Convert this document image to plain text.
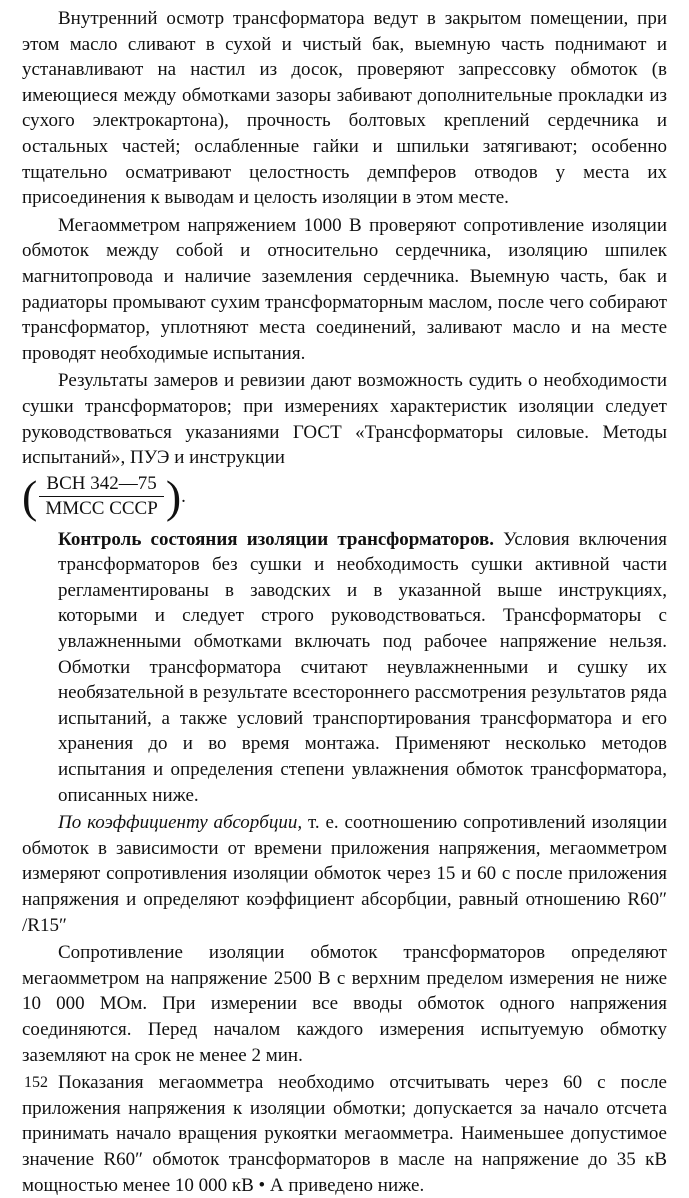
Внутренний осмотр трансформатора ведут в закрытом помещении, при этом масло сливают в сухой и чистый бак, выемную часть поднимают и устанавливают на настил из досок, проверяют запрессовку обмоток (в имеющиеся между обмотками зазоры забивают дополнительные прокладки из сухого электрокартона), прочность болтовых креплений сердечника и остальных частей; ослабленные гайки и шпильки затягивают; особенно тщательно осматривают целостность демпферов отводов у места их присоединения к выводам и целость изоляции в этом месте.

Мегаомметром напряжением 1000 В проверяют сопротивление изоляции обмоток между собой и относительно сердечника, изоляцию шпилек магнитопровода и наличие заземления сердечника. Выемную часть, бак и радиаторы промывают сухим трансформаторным маслом, после чего собирают трансформатор, уплотняют места соединений, заливают масло и на месте проводят необходимые испытания.

Результаты замеров и ревизии дают возможность судить о необходимости сушки трансформаторов; при измерениях характеристик изоляции следует руководствоваться указаниями ГОСТ «Трансформаторы силовые. Методы испытаний», ПУЭ и инструкции

( $\frac{\text{ВСН 342—75}}{\text{ММСС СССР}}$ ) .

Контроль состояния изоляции трансформаторов. Условия включения трансформаторов без сушки и необходимость сушки активной части регламентированы в заводских и в указанной выше инструкциях, которыми и следует строго руководствоваться. Трансформаторы с увлажненными обмотками включать под рабочее напряжение нельзя. Обмотки трансформатора считают неувлажненными и сушку их необязательной в результате всестороннего рассмотрения результатов ряда испытаний, а также условий транспортирования трансформатора и его хранения до и во время монтажа. Применяют несколько методов испытания и определения степени увлажнения обмоток трансформатора, описанных ниже.

По коэффициенту абсорбции, т. е. соотношению сопротивлений изоляции обмоток в зависимости от времени приложения напряжения, мегаомметром измеряют сопротивления изоляции обмоток через 15 и 60 с после приложения напряжения и определяют коэффициент абсорбции, равный отношению R60″ /R15″

Сопротивление изоляции обмоток трансформаторов определяют мегаомметром на напряжение 2500 В с верхним пределом измерения не ниже 10 000 МОм. При измерении все вводы обмоток одного напряжения соединяются. Перед началом каждого измерения испытуемую обмотку заземляют на срок не менее 2 мин.

Показания мегаомметра необходимо отсчитывать через 60 с после приложения напряжения к изоляции обмотки; допускается за начало отсчета принимать начало вращения рукоятки мегаомметра. Наименьшее допустимое значение R60″ обмоток трансформаторов в масле на напряжение до 35 кВ мощностью менее 10 000 кВ • А приведено ниже.

152
